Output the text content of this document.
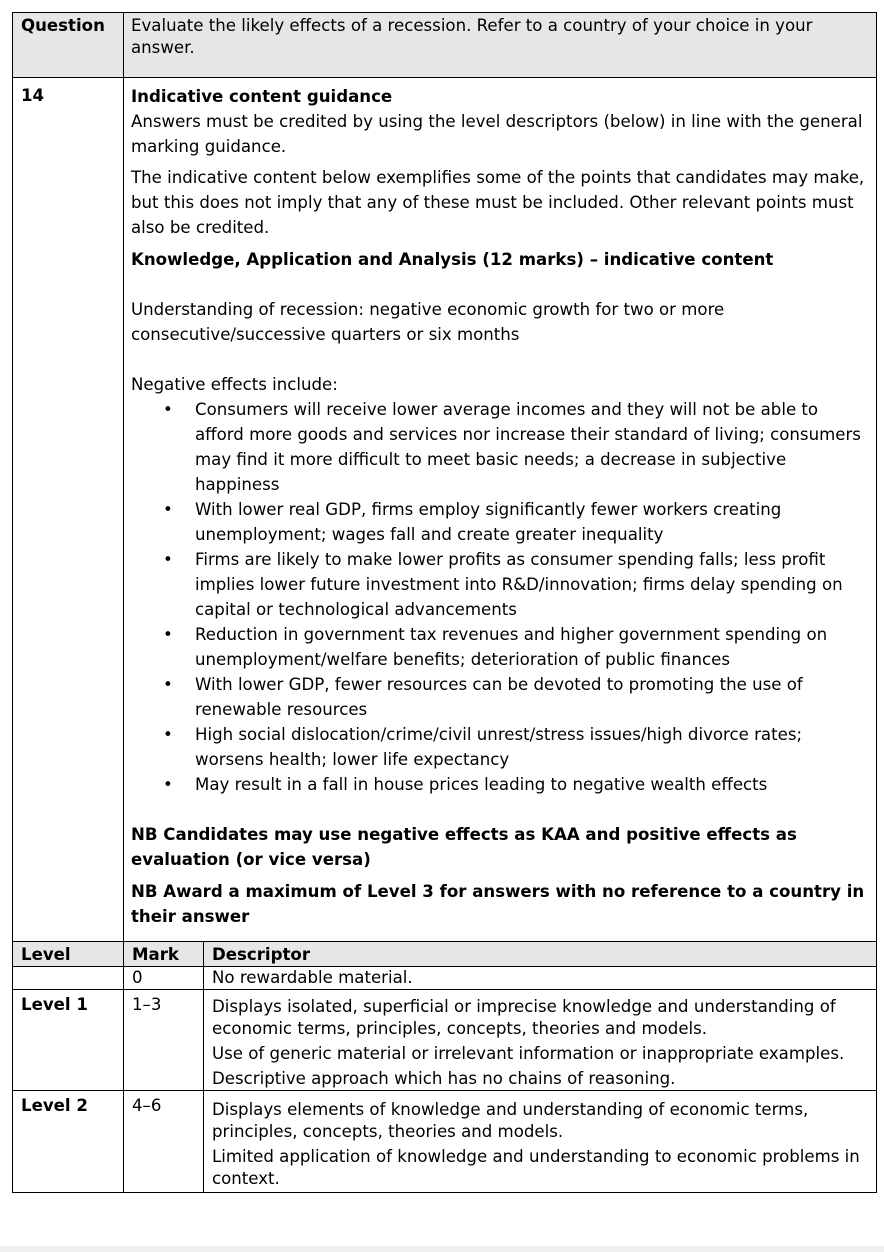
Question	Evaluate the likely effects of a recession. Refer to a country of your choice in your answer.
14	Indicative content guidance

Answers must be credited by using the level descriptors (below) in line with the general marking guidance.

The indicative content below exemplifies some of the points that candidates may make, but this does not imply that any of these must be included. Other relevant points must also be credited.

Knowledge, Application and Analysis (12 marks) – indicative content

Understanding of recession: negative economic growth for two or more consecutive/successive quarters or six months

Negative effects include:

• Consumers will receive lower average incomes and they will not be able to afford more goods and services nor increase their standard of living; consumers may find it more difficult to meet basic needs; a decrease in subjective happiness
• With lower real GDP, firms employ significantly fewer workers creating unemployment; wages fall and create greater inequality
• Firms are likely to make lower profits as consumer spending falls; less profit implies lower future investment into R&D/innovation; firms delay spending on capital or technological advancements
• Reduction in government tax revenues and higher government spending on unemployment/welfare benefits; deterioration of public finances
• With lower GDP, fewer resources can be devoted to promoting the use of renewable resources
• High social dislocation/crime/civil unrest/stress issues/high divorce rates; worsens health; lower life expectancy
• May result in a fall in house prices leading to negative wealth effects

NB Candidates may use negative effects as KAA and positive effects as evaluation (or vice versa)

NB Award a maximum of Level 3 for answers with no reference to a country in their answer

Level	Mark	Descriptor
	0	No rewardable material.

Level 1	1–3	Displays isolated, superficial or imprecise knowledge and understanding of economic terms, principles, concepts, theories and models.

Use of generic material or irrelevant information or inappropriate examples.

Descriptive approach which has no chains of reasoning.

Level 2	4–6	Displays elements of knowledge and understanding of economic terms, principles, concepts, theories and models.

Limited application of knowledge and understanding to economic problems in context.
